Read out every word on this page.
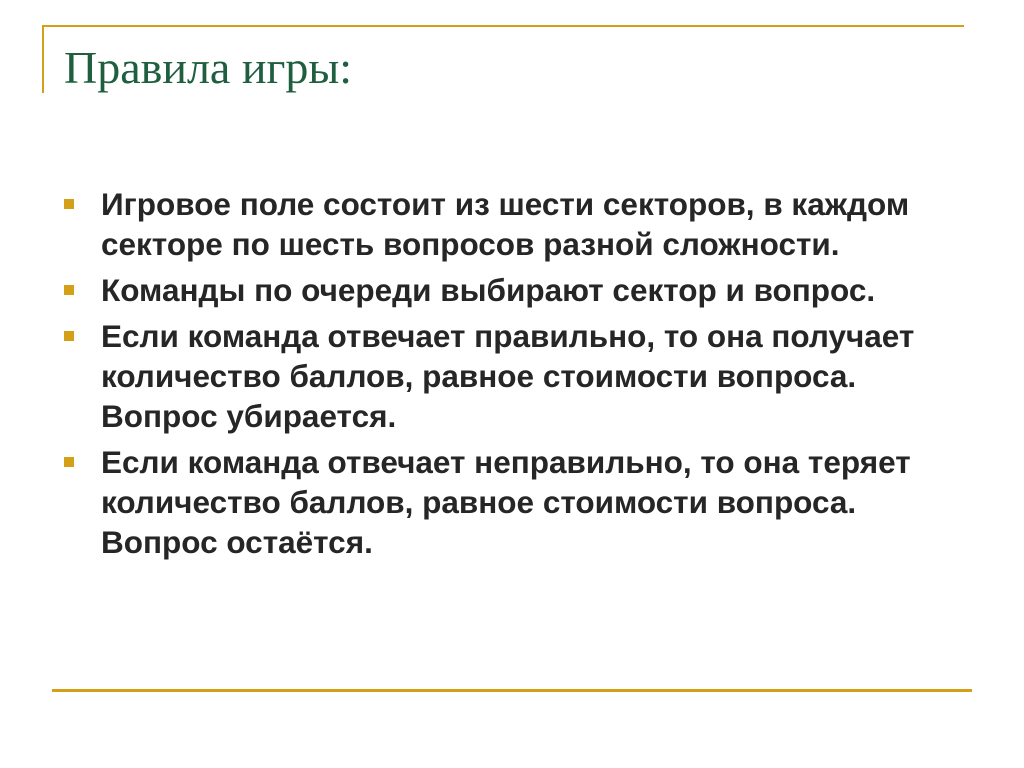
Правила игры:
Игровое поле состоит из шести секторов, в каждом секторе по шесть вопросов разной сложности.
Команды по очереди выбирают сектор и вопрос.
Если команда отвечает правильно, то она получает количество баллов, равное стоимости вопроса. Вопрос убирается.
Если команда отвечает неправильно, то она теряет количество баллов, равное стоимости вопроса. Вопрос остаётся.
